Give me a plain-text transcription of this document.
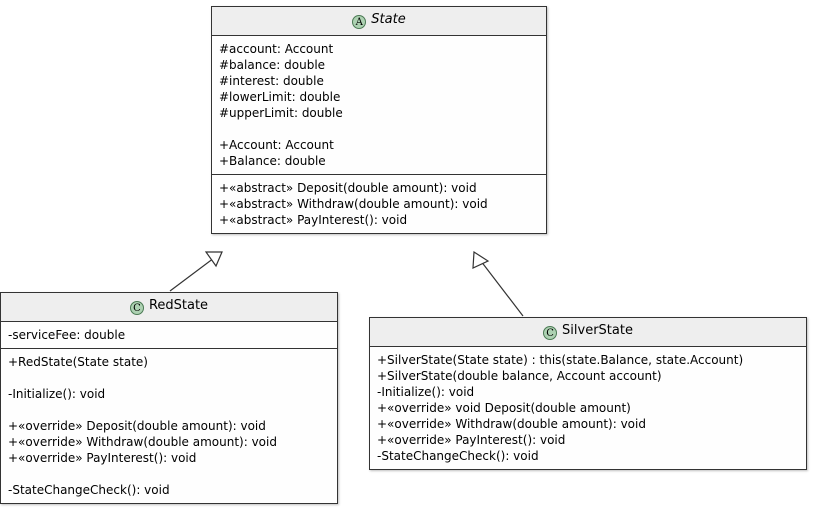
A State
#account: Account
#balance: double
#interest: double
#lowerLimit: double
#upperLimit: double
+Account: Account
+Balance: double
+«abstract» Deposit(double amount): void
+«abstract» Withdraw(double amount): void
+«abstract» PayInterest(): void
C RedState
-serviceFee: double
+RedState(State state)
-Initialize(): void
+«override» Deposit(double amount): void
+«override» Withdraw(double amount): void
+«override» PayInterest(): void
-StateChangeCheck(): void
C SilverState
+SilverState(State state) : this(state.Balance, state.Account)
+SilverState(double balance, Account account)
-Initialize(): void
+«override» void Deposit(double amount)
+«override» Withdraw(double amount): void
+«override» PayInterest(): void
-StateChangeCheck(): void
